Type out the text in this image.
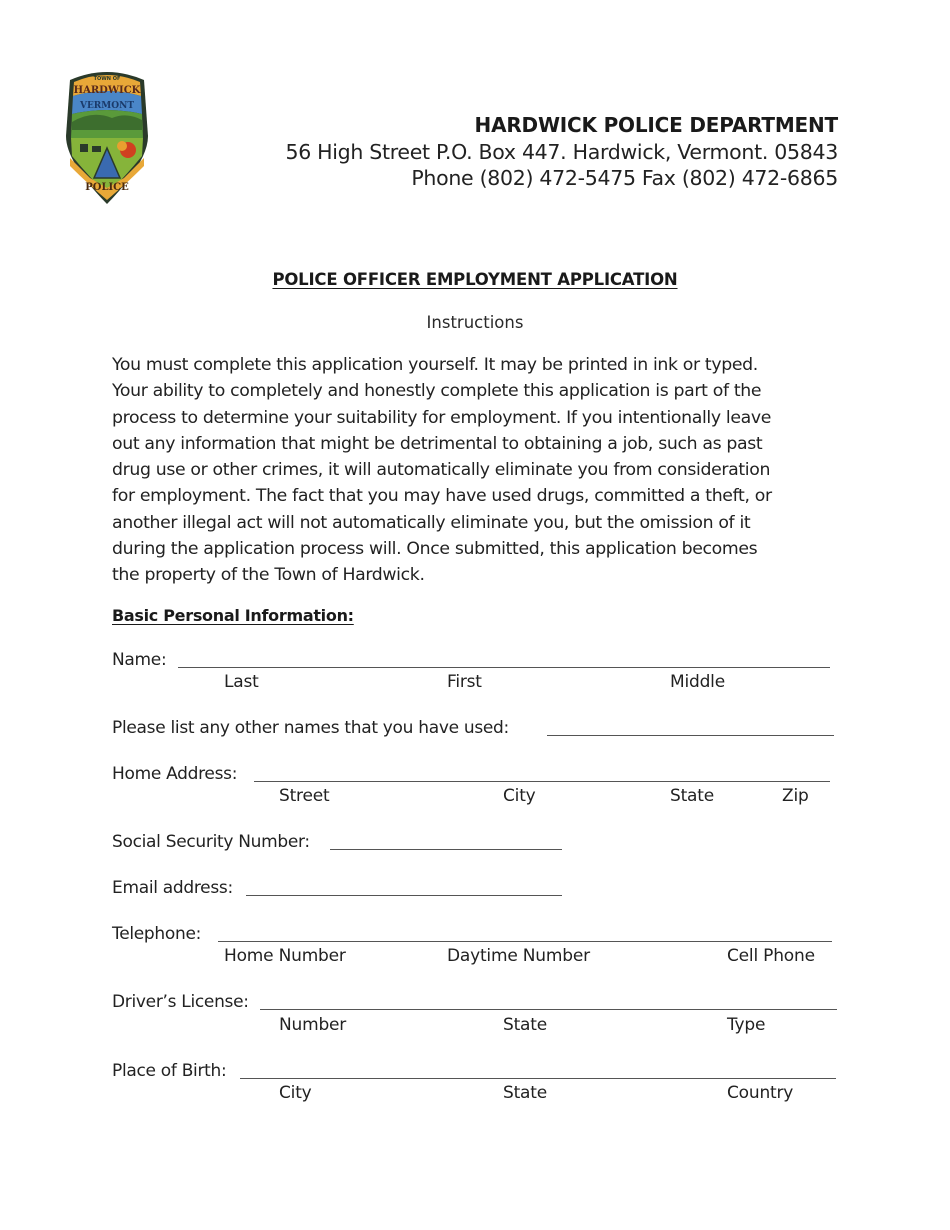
TOWN OF
HARDWICK
VERMONT
POLICE
HARDWICK POLICE DEPARTMENT
56 High Street P.O. Box 447. Hardwick, Vermont. 05843
Phone (802) 472-5475 Fax (802) 472-6865
POLICE OFFICER EMPLOYMENT APPLICATION
Instructions
You must complete this application yourself. It may be printed in ink or typed.
Your ability to completely and honestly complete this application is part of the
process to determine your suitability for employment. If you intentionally leave
out any information that might be detrimental to obtaining a job, such as past
drug use or other crimes, it will automatically eliminate you from consideration
for employment. The fact that you may have used drugs, committed a theft, or
another illegal act will not automatically eliminate you, but the omission of it
during the application process will. Once submitted, this application becomes
the property of the Town of Hardwick.
Basic Personal Information:
Name:
Last	First	Middle
Please list any other names that you have used:
Home Address:
Street	City	State	Zip
Social Security Number:
Email address:
Telephone:
Home Number	Daytime Number	Cell Phone
Driver’s License:
Number	State	Type
Place of Birth:
City	State	Country
